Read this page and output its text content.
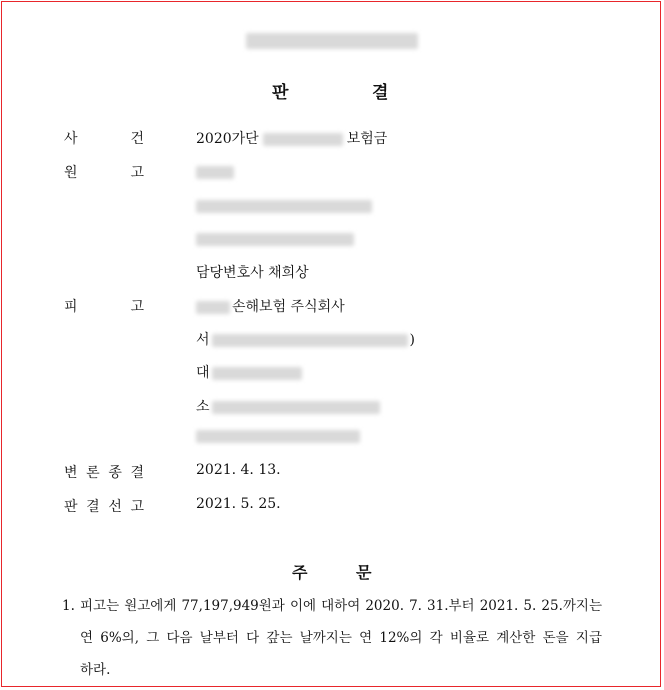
판	결
사	건	2020가단	보험금
원	고
담당변호사 채희상
피	고	손해보험 주식회사
서	)
대
소
변 론 종 결	2021. 4. 13.
판 결 선 고	2021. 5. 25.
주	문
1. 피고는 원고에게 77,197,949원과 이에 대하여 2020. 7. 31.부터 2021. 5. 25.까지는
연 6%의, 그 다음 날부터 다 갚는 날까지는 연 12%의 각 비율로 계산한 돈을 지급
하라.
